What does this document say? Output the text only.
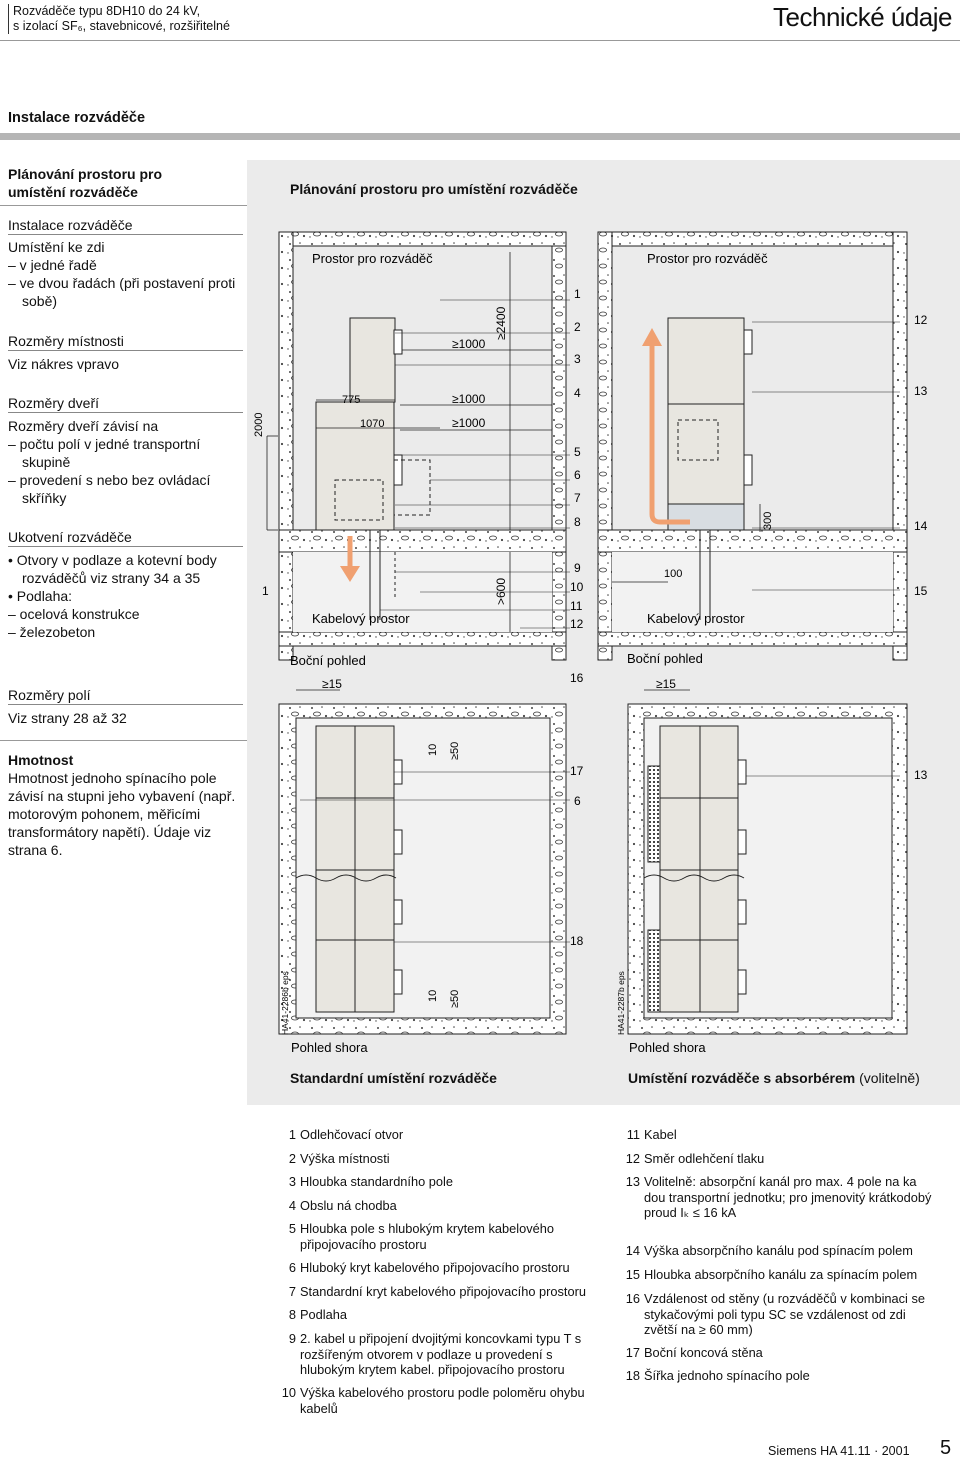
Rozváděče typu 8DH10 do 24 kV,
s izolací SF₆, stavebnicové, rozšiřitelné	Technické údaje
Instalace rozváděče
Plánování prostoru pro
umístění rozváděče
Instalace rozváděče
Umístění ke zdi
– v jedné řadě
– ve dvou řadách (při postavení proti sobě)
Rozměry místnosti
Viz nákres vpravo
Rozměry dveří
Rozměry dveří závisí na
– počtu polí v jedné transportní skupině
– provedení s nebo bez ovládací skříňky
Ukotvení rozváděče
• Otvory v podlaze a kotevní body rozváděčů viz strany 34 a 35
• Podlaha:
– ocelová konstrukce
– železobeton
Rozměry polí
Viz strany 28 až 32
Hmotnost
Hmotnost jednoho spínacího pole závisí na stupni jeho vybavení (např. motorovým pohonem, měřicími transformátory napětí). Údaje viz strana 6.
Plánování prostoru pro umístění rozváděče
Prostor pro rozváděč	Prostor pro rozváděč
Kabelový prostor	Kabelový prostor
Boční pohled	Boční pohled
Pohled shora	Pohled shora
2000
775
1070
≥1000
≥1000
≥1000
≥2400
>600
≥15	≥15
10 ≥50
10 ≥50
300
100
1
2
3
4
5
6
7
8
9
10
11
12
16
17
6
18
12
13
14
15
13
1
HA41-2286b eps	HA41-2287b eps
Standardní umístění rozváděče	Umístění rozváděče s absorbérem (volitelně)
1 Odlehčovací otvor
2 Výška místnosti
3 Hloubka standardního pole
4 Obslu ná chodba
5 Hloubka pole s hlubokým krytem kabelového připojovacího prostoru
6 Hluboký kryt kabelového připojovacího prostoru
7 Standardní kryt kabelového připojovacího prostoru
8 Podlaha
9 2. kabel u připojení dvojitými koncovkami typu T s rozšířeným otvorem v podlaze u provedení s hlubokým krytem kabel. připojovacího prostoru
10 Výška kabelového prostoru podle poloměru ohybu kabelů
11 Kabel
12 Směr odlehčení tlaku
13 Volitelně: absorpční kanál pro max. 4 pole na ka dou transportní jednotku; pro jmenovitý krátkodobý proud Iₖ ≤ 16 kA
14 Výška absorpčního kanálu pod spínacím polem
15 Hloubka absorpčního kanálu za spínacím polem
16 Vzdálenost od stěny (u rozváděčů v kombinaci se stykačovými poli typu SC se vzdálenost od zdi zvětší na ≥ 60 mm)
17 Boční koncová stěna
18 Šířka jednoho spínacího pole
Siemens HA 41.11 · 2001 5
